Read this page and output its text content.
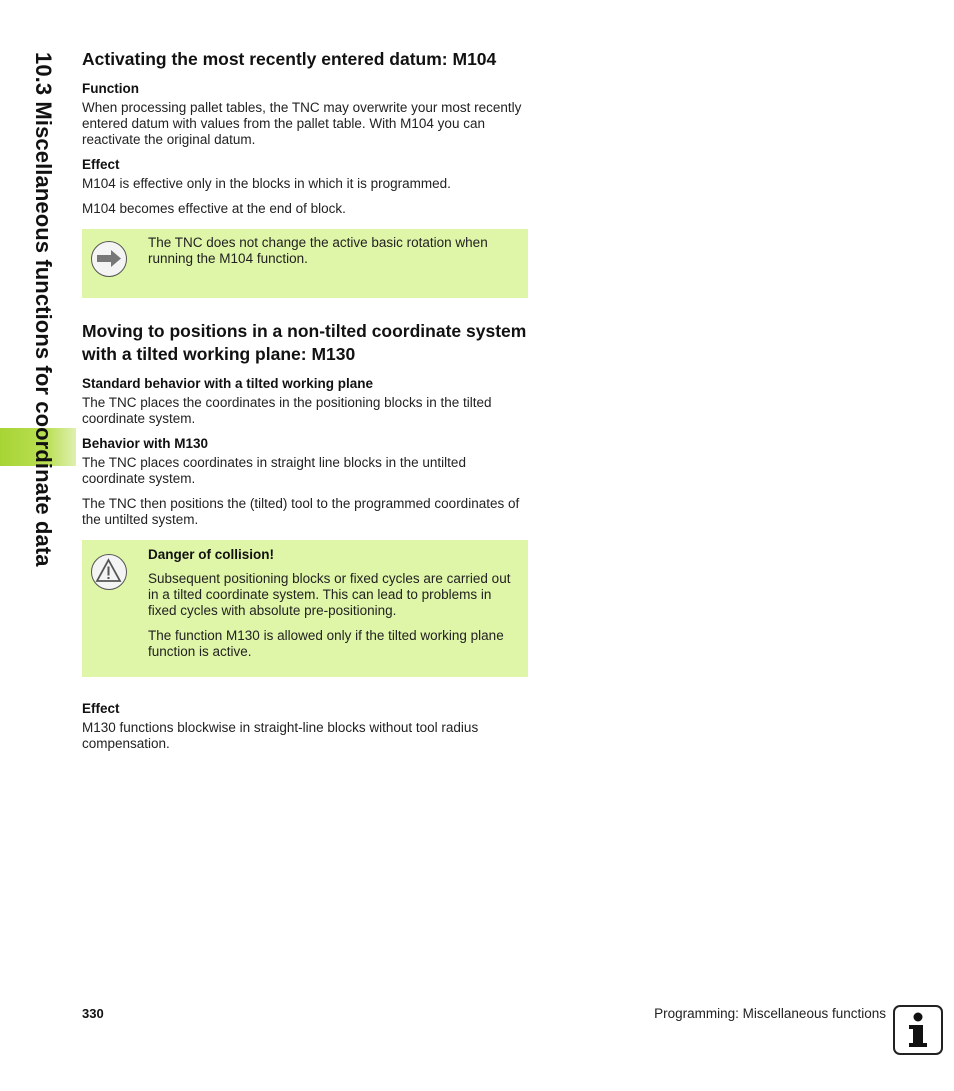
10.3 Miscellaneous functions for coordinate data Activating the most recently entered datum: M104
Function

When processing pallet tables, the TNC may overwrite your most recently entered datum with values from the pallet table. With M104 you can reactivate the original datum.

Effect

M104 is effective only in the blocks in which it is programmed.

M104 becomes effective at the end of block.

The TNC does not change the active basic rotation when running the M104 function.

Moving to positions in a non-tilted coordinate system with a tilted working plane: M130
Standard behavior with a tilted working plane

The TNC places the coordinates in the positioning blocks in the tilted coordinate system.

Behavior with M130

The TNC places coordinates in straight line blocks in the untilted coordinate system.

The TNC then positions the (tilted) tool to the programmed coordinates of the untilted system.

Danger of collision!

Subsequent positioning blocks or fixed cycles are carried out in a tilted coordinate system. This can lead to problems in fixed cycles with absolute pre-positioning.

The function M130 is allowed only if the tilted working plane function is active.

Effect

M130 functions blockwise in straight-line blocks without tool radius compensation.

330	Programming: Miscellaneous functions
